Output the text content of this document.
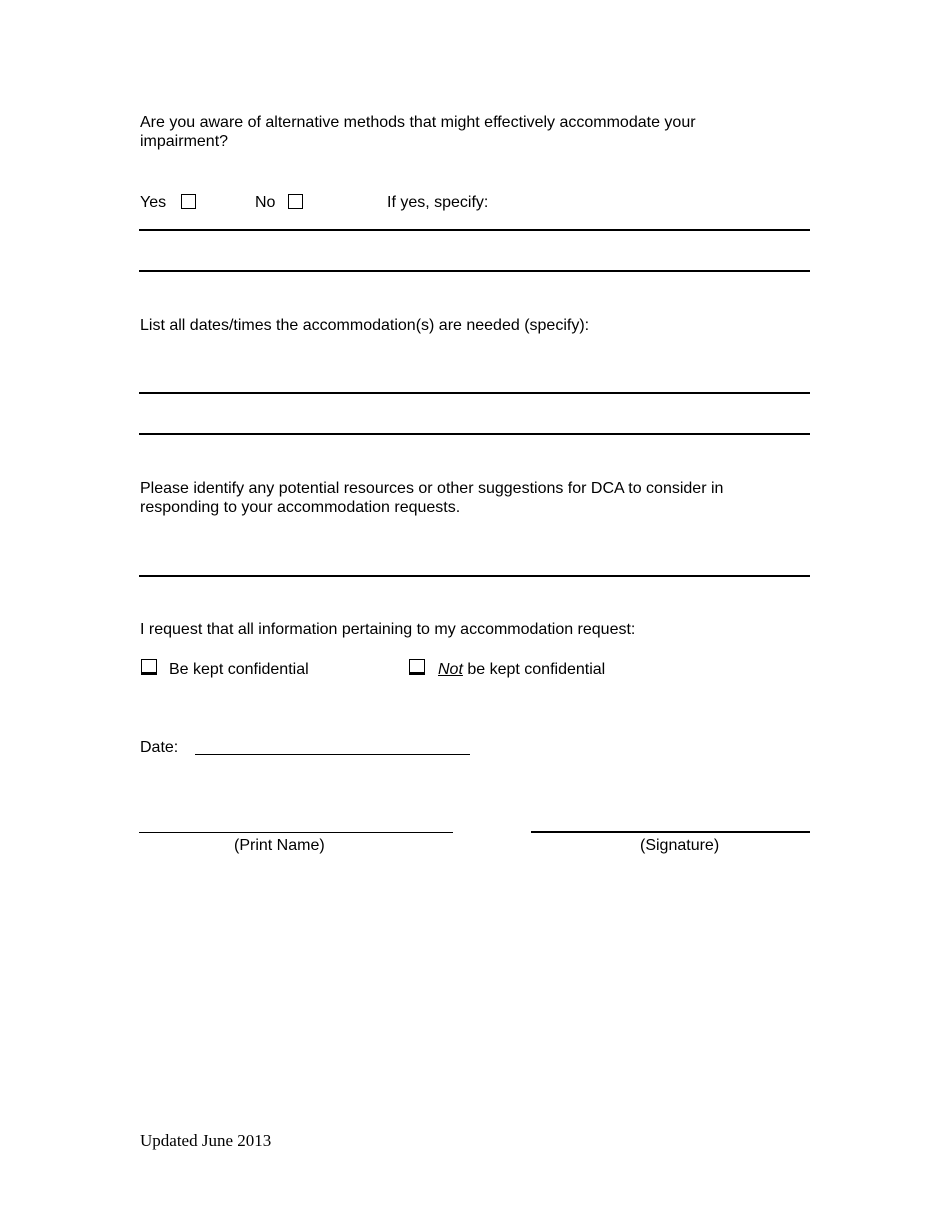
Are you aware of alternative methods that might effectively accommodate your impairment?
Yes	No	If yes, specify:
List all dates/times the accommodation(s) are needed (specify):
Please identify any potential resources or other suggestions for DCA to consider in responding to your accommodation requests.
I request that all information pertaining to my accommodation request:
Be kept confidential	Not be kept confidential
Date:
(Print Name)	(Signature)
Updated June 2013
